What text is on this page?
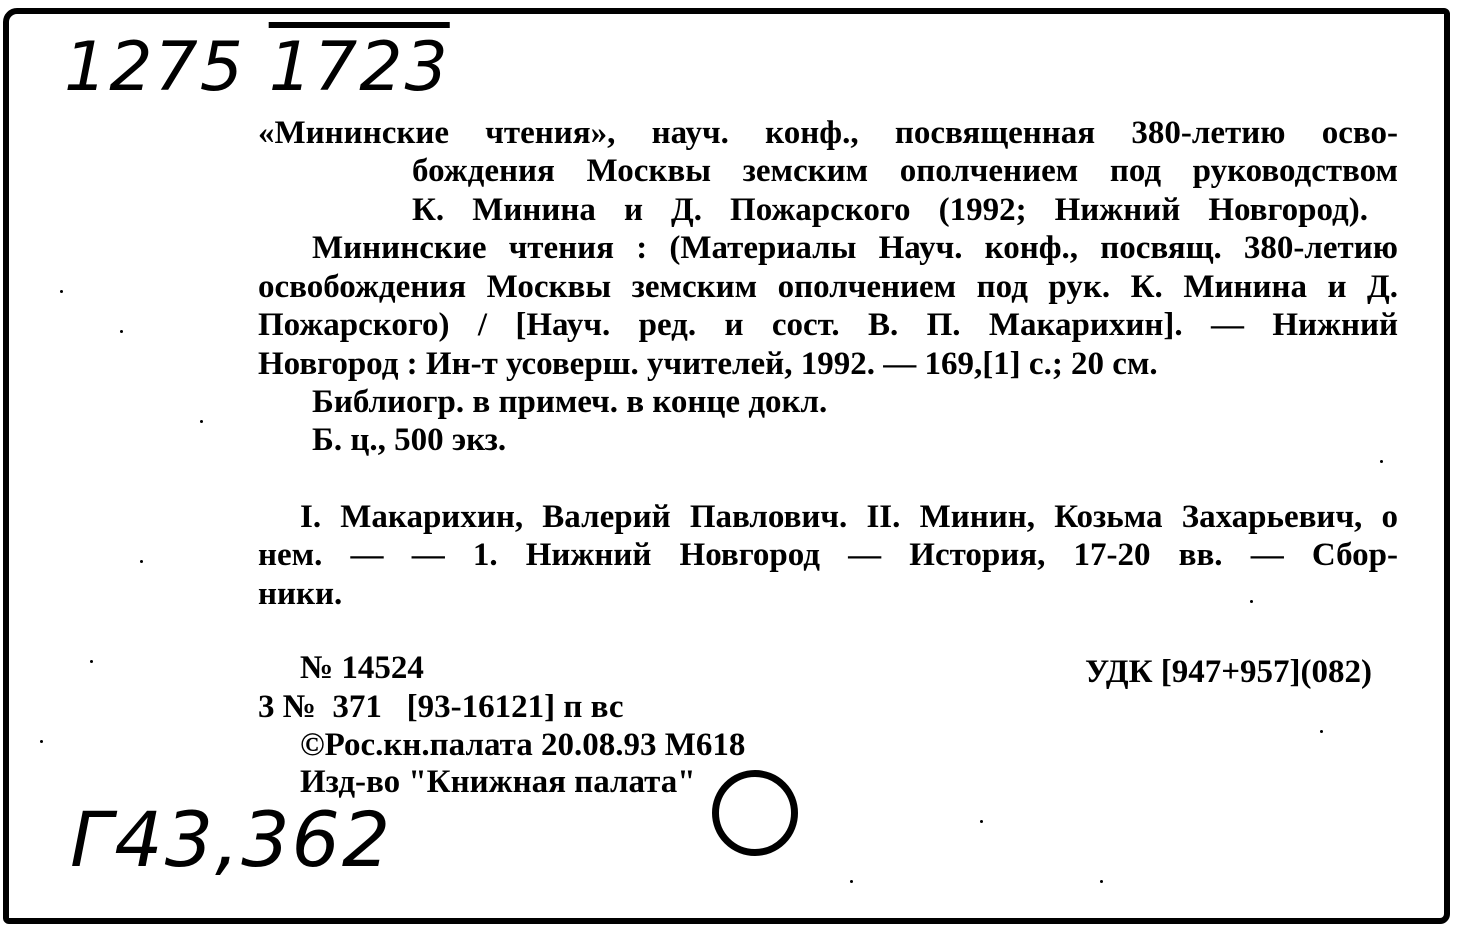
1275 1723
«Мининские чтения», науч. конф., посвященная 380-летию осво-
бождения Москвы земским ополчением под руководством
К. Минина и Д. Пожарского (1992; Нижний Новгород).
Мининские чтения : (Материалы Науч. конф., посвящ. 380-летию
освобождения Москвы земским ополчением под рук. К. Минина и Д.
Пожарского) / [Науч. ред. и сост. В. П. Макарихин]. — Нижний
Новгород : Ин-т усоверш. учителей, 1992. — 169,[1] с.; 20 см.
Библиогр. в примеч. в конце докл.
Б. ц., 500 экз.
I. Макарихин, Валерий Павлович. II. Минин, Козьма Захарьевич, о
нем. — — 1. Нижний Новгород — История, 17-20 вв. — Сбор-
ники.
№ 14524	УДК [947+957](082)
3 №  371   [93-16121] п вс
©Рос.кн.палата 20.08.93 М618
Изд-во "Книжная палата"
Г43,362
